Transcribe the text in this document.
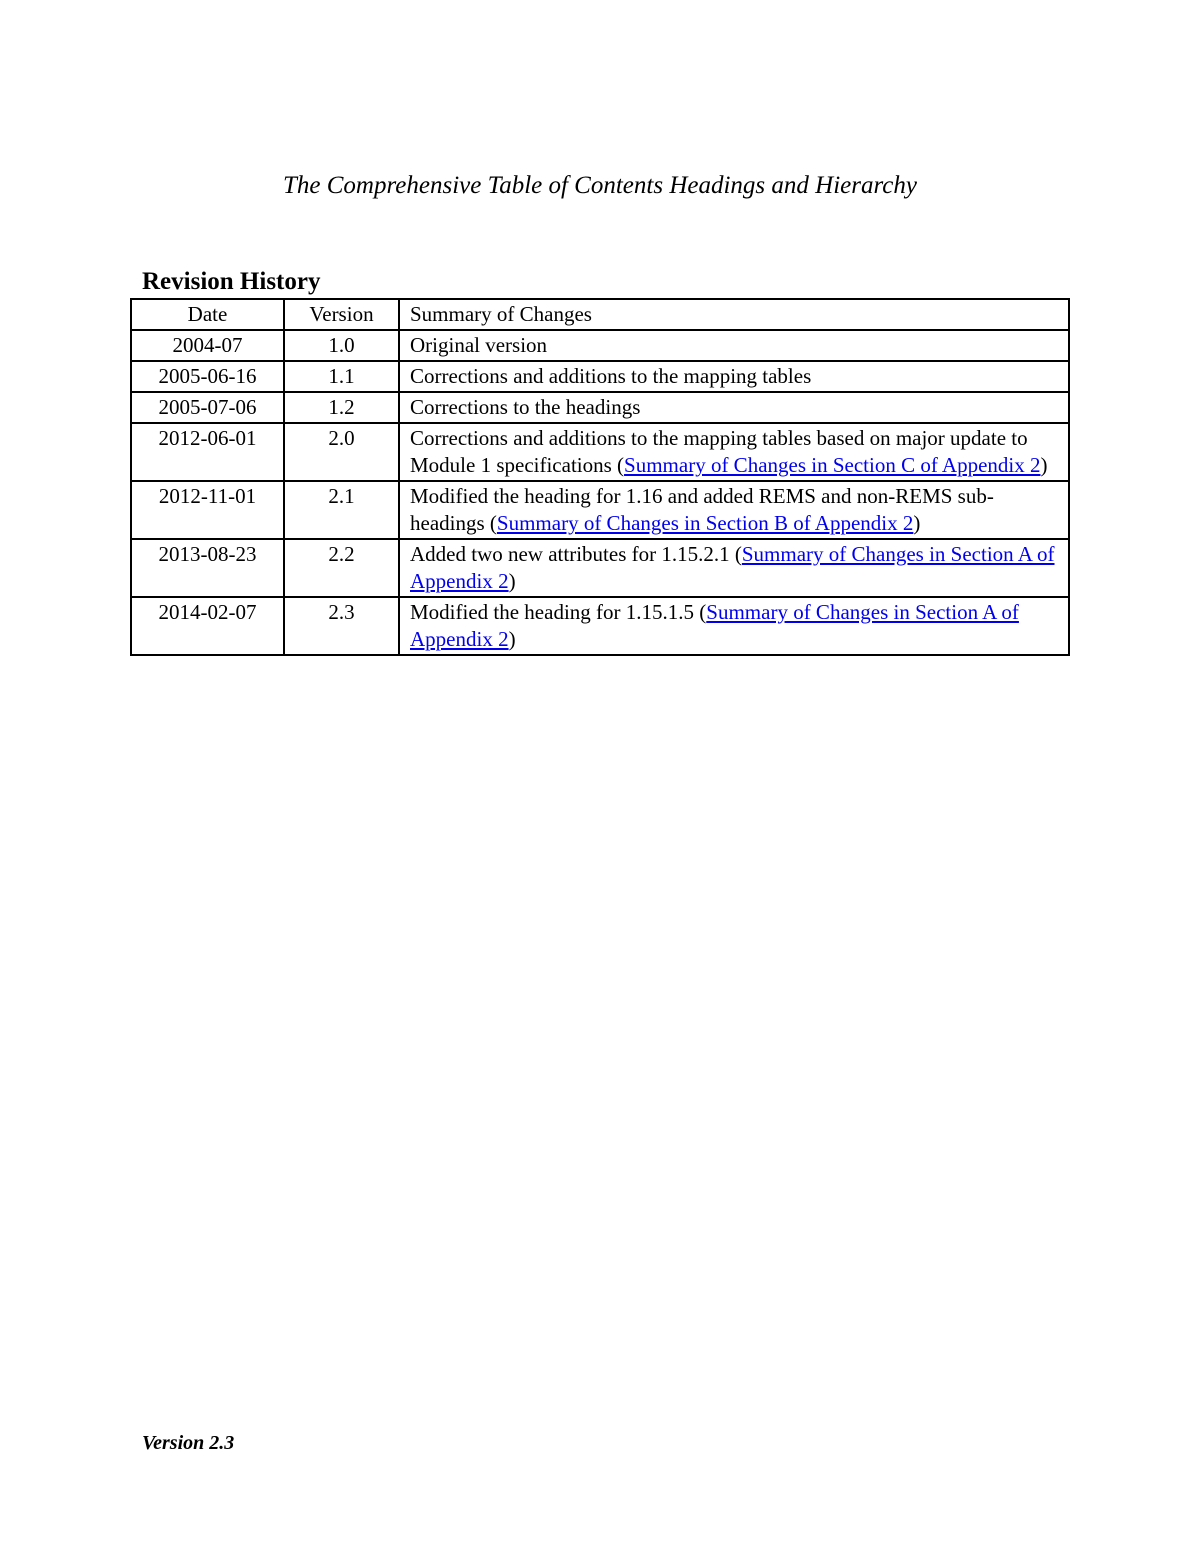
The Comprehensive Table of Contents Headings and Hierarchy
Revision History
Date	Version	Summary of Changes
2004-07	1.0	Original version
2005-06-16	1.1	Corrections and additions to the mapping tables
2005-07-06	1.2	Corrections to the headings
2012-06-01	2.0	Corrections and additions to the mapping tables based on major update to Module 1 specifications (Summary of Changes in Section C of Appendix 2)
2012-11-01	2.1	Modified the heading for 1.16 and added REMS and non-REMS sub-headings (Summary of Changes in Section B of Appendix 2)
2013-08-23	2.2	Added two new attributes for 1.15.2.1 (Summary of Changes in Section A of Appendix 2)
2014-02-07	2.3	Modified the heading for 1.15.1.5 (Summary of Changes in Section A of Appendix 2)
Version 2.3
